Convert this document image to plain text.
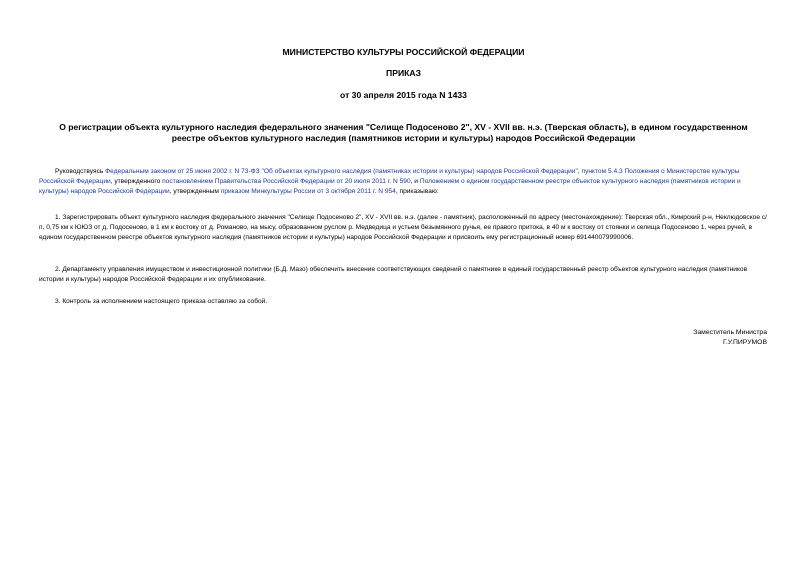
МИНИСТЕРСТВО КУЛЬТУРЫ РОССИЙСКОЙ ФЕДЕРАЦИИ
ПРИКАЗ
от 30 апреля 2015 года N 1433
О регистрации объекта культурного наследия федерального значения "Селище Подосеново 2", XV - XVII вв. н.э. (Тверская область), в едином государственном
реестре объектов культурного наследия (памятников истории и культуры) народов Российской Федерации
Руководствуясь Федеральным законом от 25 июня 2002 г. N 73-ФЗ "Об объектах культурного наследия (памятниках истории и культуры) народов Российской Федерации", пунктом 5.4.3 Положения о Министерстве культуры Российской Федерации, утвержденного постановлением Правительства Российской Федерации от 20 июля 2011 г. N 590, и Положением о едином государственном реестре объектов культурного наследия (памятников истории и культуры) народов Российской Федерации, утвержденным приказом Минкультуры России от 3 октября 2011 г. N 954, приказываю:
1. Зарегистрировать объект культурного наследия федерального значения "Селище Подосеново 2", XV - XVII вв. н.э. (далее - памятник), расположенный по адресу (местонахождение): Тверская обл., Кимрский р-н, Неклюдовское с/п, 0,75 км к ЮЮЗ от д. Подосеново, в 1 км к востоку от д. Романово, на мысу, образованном руслом р. Медведица и устьем безымянного ручья, ее правого притока, в 40 м к востоку от стоянки и селища Подосеново 1, через ручей, в едином государственном реестре объектов культурного наследия (памятников истории и культуры) народов Российской Федерации и присвоить ему регистрационный номер 691440079990006.
2. Департаменту управления имуществом и инвестиционной политики (Б.Д. Мазо) обеспечить внесение соответствующих сведений о памятнике в единый государственный реестр объектов культурного наследия (памятников истории и культуры) народов Российской Федерации и их опубликование.
3. Контроль за исполнением настоящего приказа оставляю за собой.
Заместитель Министра
Г.У.ПИРУМОВ
